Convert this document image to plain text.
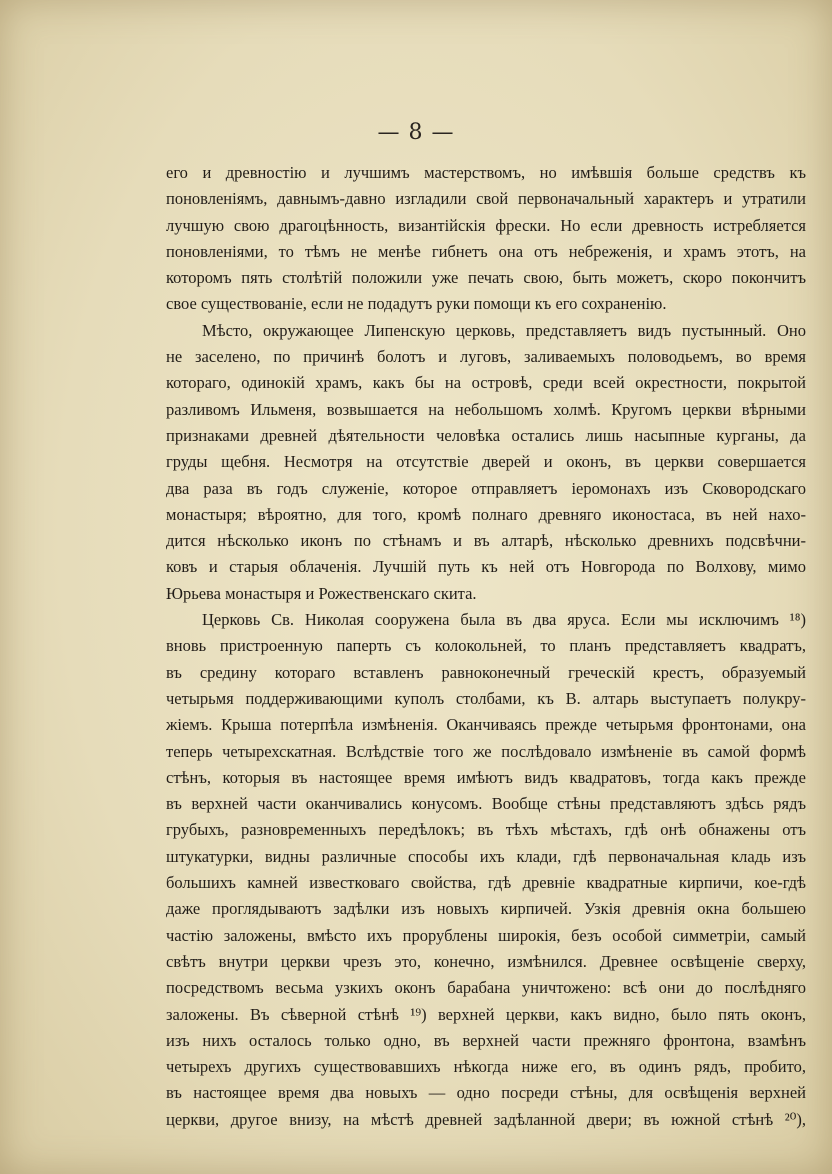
— 8 —
его и древностію и лучшимъ мастерствомъ, но имѣвшія больше средствъ къ
поновленіямъ, давнымъ-давно изгладили свой первоначальный характеръ и утратили
лучшую свою драгоцѣнность, византійскія фрески. Но если древность истребляется
поновленіями, то тѣмъ не менѣе гибнетъ она отъ небреженія, и храмъ этотъ, на
которомъ пять столѣтій положили уже печать свою, быть можетъ, скоро покончитъ
свое существованіе, если не подадутъ руки помощи къ его сохраненію.
Мѣсто, окружающее Липенскую церковь, представляетъ видъ пустынный. Оно
не заселено, по причинѣ болотъ и луговъ, заливаемыхъ половодьемъ, во время
котораго, одинокій храмъ, какъ бы на островѣ, среди всей окрестности, покрытой
разливомъ Ильменя, возвышается на небольшомъ холмѣ. Кругомъ церкви вѣрными
признаками древней дѣятельности человѣка остались лишь насыпные курганы, да
груды щебня. Несмотря на отсутствіе дверей и оконъ, въ церкви совершается
два раза въ годъ служеніе, которое отправляетъ іеромонахъ изъ Сковородскаго
монастыря; вѣроятно, для того, кромѣ полнаго древняго иконостаса, въ ней нахо-
дится нѣсколько иконъ по стѣнамъ и въ алтарѣ, нѣсколько древнихъ подсвѣчни-
ковъ и старыя облаченія. Лучшій путь къ ней отъ Новгорода по Волхову, мимо
Юрьева монастыря и Рожественскаго скита.
Церковь Св. Николая сооружена была въ два яруса. Если мы исключимъ ¹⁸)
вновь пристроенную паперть съ колокольней, то планъ представляетъ квадратъ,
въ средину котораго вставленъ равноконечный греческій крестъ, образуемый
четырьмя поддерживающими куполъ столбами, къ В. алтарь выступаетъ полукру-
жіемъ. Крыша потерпѣла измѣненія. Оканчиваясь прежде четырьмя фронтонами, она
теперь четырехскатная. Вслѣдствіе того же послѣдовало измѣненіе въ самой формѣ
стѣнъ, которыя въ настоящее время имѣютъ видъ квадратовъ, тогда какъ прежде
въ верхней части оканчивались конусомъ. Вообще стѣны представляютъ здѣсь рядъ
грубыхъ, разновременныхъ передѣлокъ; въ тѣхъ мѣстахъ, гдѣ онѣ обнажены отъ
штукатурки, видны различные способы ихъ клади, гдѣ первоначальная кладь изъ
большихъ камней известковаго свойства, гдѣ древніе квадратные кирпичи, кое-гдѣ
даже проглядываютъ задѣлки изъ новыхъ кирпичей. Узкія древнія окна большею
частію заложены, вмѣсто ихъ прорублены широкія, безъ особой симметріи, самый
свѣтъ внутри церкви чрезъ это, конечно, измѣнился. Древнее освѣщеніе сверху,
посредствомъ весьма узкихъ оконъ барабана уничтожено: всѣ они до послѣдняго
заложены. Въ сѣверной стѣнѣ ¹⁹) верхней церкви, какъ видно, было пять оконъ,
изъ нихъ осталось только одно, въ верхней части прежняго фронтона, взамѣнъ
четырехъ другихъ существовавшихъ нѣкогда ниже его, въ одинъ рядъ, пробито,
въ настоящее время два новыхъ — одно посреди стѣны, для освѣщенія верхней
церкви, другое внизу, на мѣстѣ древней задѣланной двери; въ южной стѣнѣ ²⁰),
